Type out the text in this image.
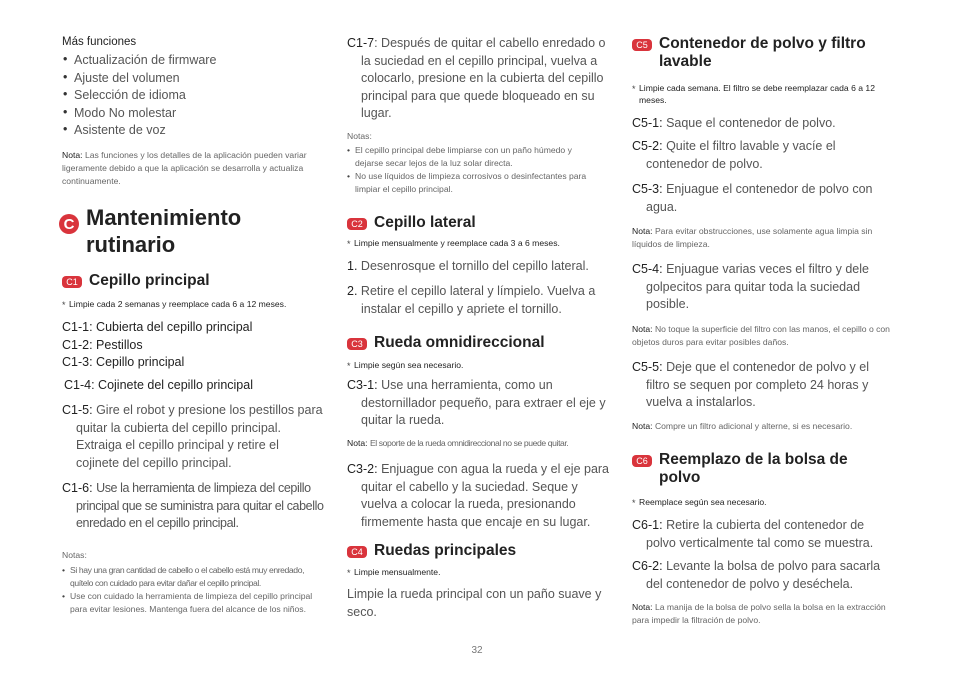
Más funciones
• Actualización de firmware
• Ajuste del volumen
• Selección de idioma
• Modo No molestar
• Asistente de voz
Nota: Las funciones y los detalles de la aplicación pueden variar ligeramente debido a que la aplicación se desarrolla y actualiza continuamente.
C Mantenimiento rutinario
C1 Cepillo principal
* Limpie cada 2 semanas y reemplace cada 6 a 12 meses.
C1-1: Cubierta del cepillo principal
C1-2: Pestillos
C1-3: Cepillo principal
C1-4: Cojinete del cepillo principal
C1-5: Gire el robot y presione los pestillos para quitar la cubierta del cepillo principal. Extraiga el cepillo principal y retire el cojinete del cepillo principal.
C1-6: Use la herramienta de limpieza del cepillo principal que se suministra para quitar el cabello enredado en el cepillo principal.
Notas:
• Si hay una gran cantidad de cabello o el cabello está muy enredado, quítelo con cuidado para evitar dañar el cepillo principal.
• Use con cuidado la herramienta de limpieza del cepillo principal para evitar lesiones. Mantenga fuera del alcance de los niños.
C1-7: Después de quitar el cabello enredado o la suciedad en el cepillo principal, vuelva a colocarlo, presione en la cubierta del cepillo principal para que quede bloqueado en su lugar.
Notas:
• El cepillo principal debe limpiarse con un paño húmedo y dejarse secar lejos de la luz solar directa.
• No use líquidos de limpieza corrosivos o desinfectantes para limpiar el cepillo principal.
C2 Cepillo lateral
* Limpie mensualmente y reemplace cada 3 a 6 meses.
1. Desenrosque el tornillo del cepillo lateral.
2. Retire el cepillo lateral y límpielo. Vuelva a instalar el cepillo y apriete el tornillo.
C3 Rueda omnidireccional
* Limpie según sea necesario.
C3-1: Use una herramienta, como un destornillador pequeño, para extraer el eje y quitar la rueda.
Nota: El soporte de la rueda omnidireccional no se puede quitar.
C3-2: Enjuague con agua la rueda y el eje para quitar el cabello y la suciedad. Seque y vuelva a colocar la rueda, presionando firmemente hasta que encaje en su lugar.
C4 Ruedas principales
* Limpie mensualmente.
Limpie la rueda principal con un paño suave y seco.
C5 Contenedor de polvo y filtro lavable
* Limpie cada semana. El filtro se debe reemplazar cada 6 a 12 meses.
C5-1: Saque el contenedor de polvo.
C5-2: Quite el filtro lavable y vacíe el contenedor de polvo.
C5-3: Enjuague el contenedor de polvo con agua.
Nota: Para evitar obstrucciones, use solamente agua limpia sin líquidos de limpieza.
C5-4: Enjuague varias veces el filtro y dele golpecitos para quitar toda la suciedad posible.
Nota: No toque la superficie del filtro con las manos, el cepillo o con objetos duros para evitar posibles daños.
C5-5: Deje que el contenedor de polvo y el filtro se sequen por completo 24 horas y vuelva a instalarlos.
Nota: Compre un filtro adicional y alterne, si es necesario.
C6 Reemplazo de la bolsa de polvo
* Reemplace según sea necesario.
C6-1: Retire la cubierta del contenedor de polvo verticalmente tal como se muestra.
C6-2: Levante la bolsa de polvo para sacarla del contenedor de polvo y deséchela.
Nota: La manija de la bolsa de polvo sella la bolsa en la extracción para impedir la filtración de polvo.
32
